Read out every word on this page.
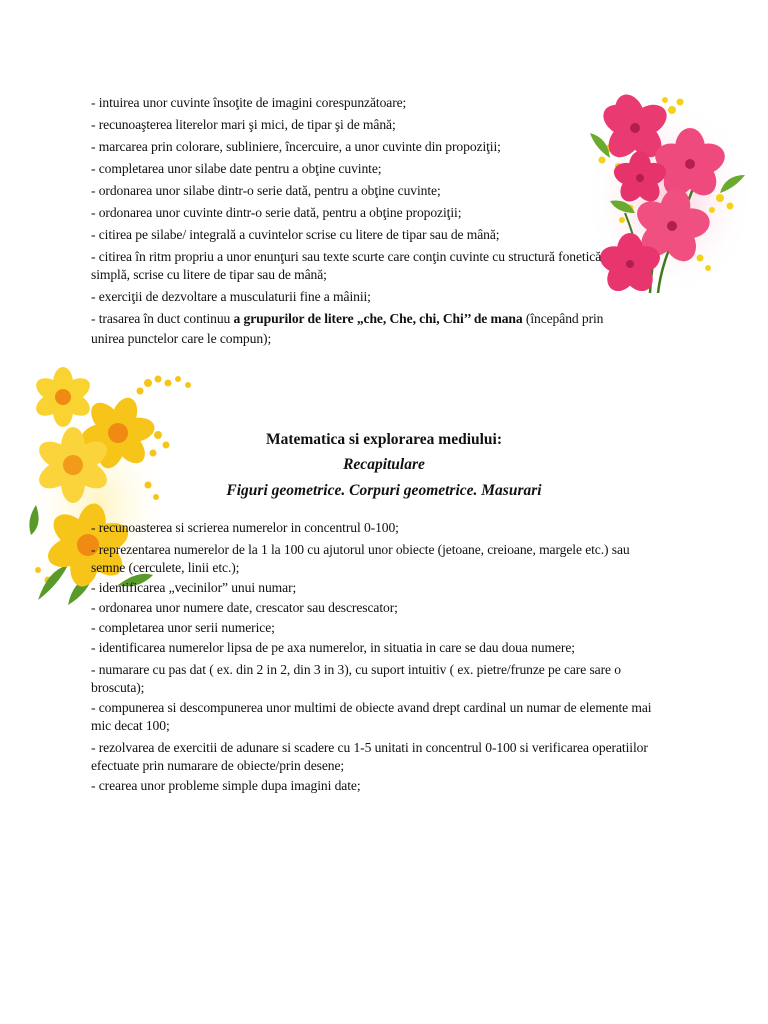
- intuirea unor cuvinte însoţite de imagini corespunzătoare;
- recunoaşterea literelor mari şi mici, de tipar şi de mână;
- marcarea prin colorare, subliniere, încercuire, a unor cuvinte din propoziţii;
- completarea unor silabe date pentru a obţine cuvinte;
- ordonarea unor silabe dintr-o serie dată, pentru a obţine cuvinte;
- ordonarea unor cuvinte dintr-o serie dată, pentru a obţine propoziţii;
- citirea pe silabe/ integrală a cuvintelor scrise cu litere de tipar sau de mână;
- citirea în ritm propriu a unor enunţuri sau texte scurte care conţin cuvinte cu structură fonetică
simplă, scrise cu litere de tipar sau de mână;
- exerciţii de dezvoltare a musculaturii fine a mâinii;
- trasarea în duct continuu a grupurilor de litere „che, Che, chi, Chi’’ de mana (începând prin
unirea punctelor care le compun);
Matematica si explorarea mediului:
Recapitulare
Figuri geometrice. Corpuri geometrice. Masurari
- recunoasterea si scrierea numerelor in concentrul 0-100;
- reprezentarea numerelor de la 1 la 100 cu ajutorul unor obiecte (jetoane, creioane, margele etc.) sau
semne (cerculete, linii etc.);
- identificarea „vecinilor” unui numar;
- ordonarea unor numere date, crescator sau descrescator;
- completarea unor serii numerice;
- identificarea numerelor lipsa de pe axa numerelor, in situatia in care se dau doua numere;
- numarare cu pas dat ( ex. din 2 in 2, din 3 in 3), cu suport intuitiv ( ex. pietre/frunze pe care sare o
broscuta);
- compunerea si descompunerea unor multimi de obiecte avand drept cardinal un numar de elemente mai
mic decat 100;
- rezolvarea de exercitii de adunare si scadere cu 1-5 unitati in concentrul 0-100 si verificarea operatiilor
efectuate prin numarare de obiecte/prin desene;
- crearea unor probleme simple dupa imagini date;
